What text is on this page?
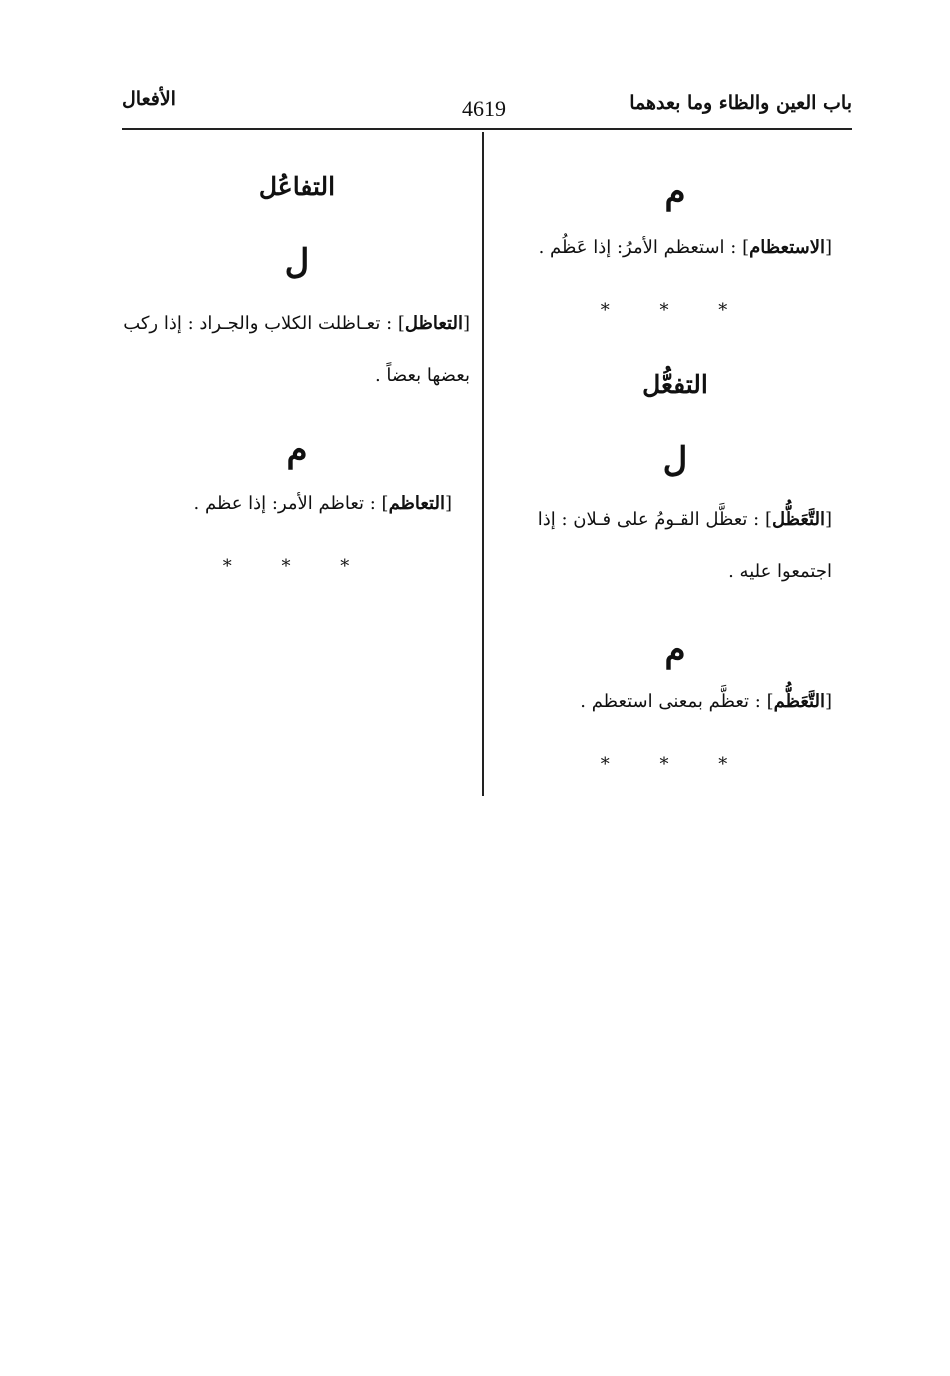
باب العين والظاء وما بعدهما
4619
الأفعال
م
[الاستعظام] : استعظم الأمرُ: إذا عَظُم .
* * *
التفعُّل
ل
[التَّعَظُّل] : تعظَّل القـومُ على فـلان : إذا اجتمعوا عليه .
م
[التَّعَظُّم] : تعظَّم بمعنى استعظم .
* * *
التفاعُل
ل
[التعاظل] : تعـاظلت الكلاب والجـراد : إذا ركب بعضها بعضاً .
م
[التعاظم] : تعاظم الأمر: إذا عظم .
* * *
